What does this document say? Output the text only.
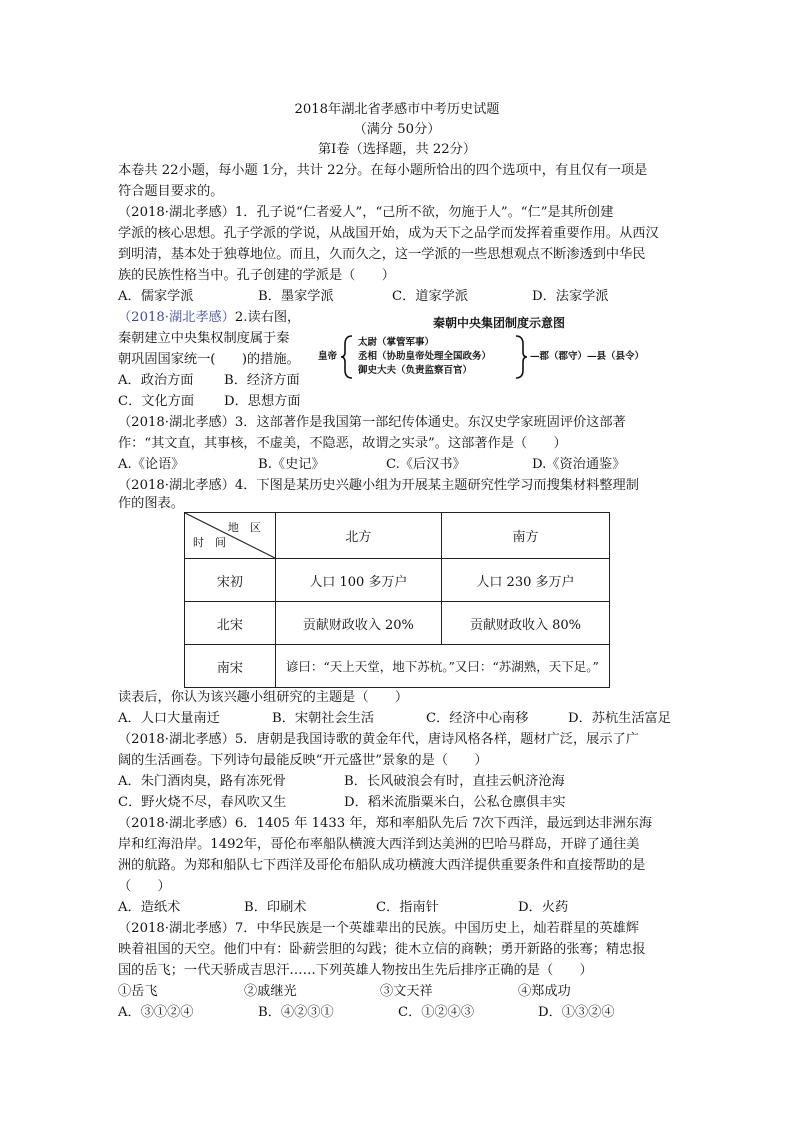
2018年湖北省孝感市中考历史试题
（满分 50分）
第Ⅰ卷（选择题，共 22分）
本卷共 22小题，每小题 1分，共计 22分。在每小题所恰出的四个选项中，有且仅有一项是
符合题目要求的。
（2018·湖北孝感）1．孔子说“仁者爱人”，“己所不欲，勿施于人”。“仁”是其所创建
学派的核心思想。孔子学派的学说，从战国开始，成为天下之品学而发挥着重要作用。从西汉
到明清，基本处于独尊地位。而且，久而久之，这一学派的一些思想观点不断渗透到中华民
族的民族性格当中。孔子创建的学派是（　　）
A．儒家学派	B．墨家学派	C．道家学派	D．法家学派
（2018·湖北孝感）2.读右图，
秦朝建立中央集权制度属于秦
朝巩固国家统一(　　)的措施。
A．政治方面 B．经济方面
C．文化方面 D．思想方面
秦朝中央集团制度示意图
皇帝
太尉（掌管军事）
丞相（协助皇帝处理全国政务）
御史大夫（负责监察百官）
—郡（郡守）—县（县令）
（2018·湖北孝感）3．这部著作是我国第一部纪传体通史。东汉史学家班固评价这部著
作：“其文直，其事核，不虚美，不隐恶，故谓之实录”。这部著作是（　　）
A.《论语》	B.《史记》	C.《后汉书》	D.《资治通鉴》
（2018·湖北孝感）4．下图是某历史兴趣小组为开展某主题研究性学习而搜集材料整理制
作的图表。
地　区
时　间	北方	南方
宋初	人口 100 多万户	人口 230 多万户
北宋	贡献财政收入 20%	贡献财政收入 80%
南宋	谚曰：“天上天堂，地下苏杭。”又曰：“苏湖熟，天下足。”	
读表后，你认为该兴趣小组研究的主题是（　　）
A．人口大量南迁	B．宋朝社会生活	C．经济中心南移	D．苏杭生活富足
（2018·湖北孝感）5．唐朝是我国诗歌的黄金年代，唐诗风格各样，题材广泛，展示了广
阔的生活画卷。下列诗句最能反映“开元盛世”景象的是（　　）
A．朱门酒肉臭，路有冻死骨	B．长风破浪会有时，直挂云帆济沧海
C．野火烧不尽，春风吹又生	D．稻米流脂粟米白，公私仓廪俱丰实
（2018·湖北孝感）6．1405 年 1433 年，郑和率船队先后 7次下西洋，最远到达非洲东海
岸和红海沿岸。1492年，哥伦布率船队横渡大西洋到达美洲的巴哈马群岛，开辟了通往美
洲的航路。为郑和船队七下西洋及哥伦布船队成功横渡大西洋提供重要条件和直接帮助的是
（　　）
A．造纸术	B．印刷术	C．指南针	D．火药
（2018·湖北孝感）7．中华民族是一个英雄辈出的民族。中国历史上，灿若群星的英雄辉
映着祖国的天空。他们中有：卧薪尝胆的勾践；徙木立信的商鞅；勇开新路的张骞；精忠报
国的岳飞；一代天骄成吉思汗……下列英雄人物按出生先后排序正确的是（　　）
①岳飞	②戚继光	③文天祥	④郑成功
A．③①②④	B．④②③①	C．①②④③	D．①③②④
